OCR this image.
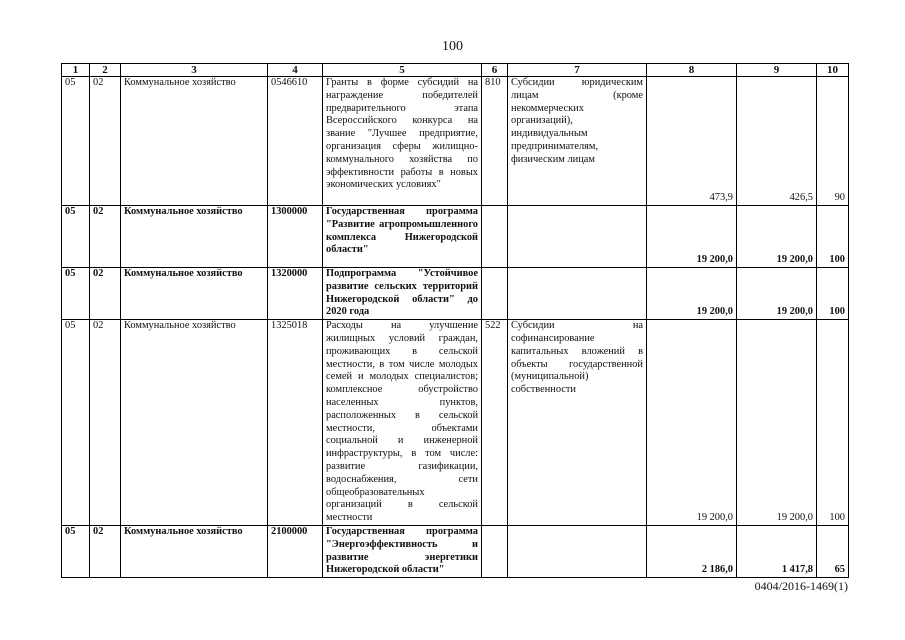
100
1	2	3	4	5	6	7	8	9	10
05	02	Коммунальное хозяйство	0546610	Гранты в форме субсидий на награждение победителей предварительного этапа Всероссийского конкурса на звание "Лучшее предприятие, организация сферы жилищно-коммунального хозяйства по эффективности работы в новых экономических условиях"	810	Субсидии юридическим лицам (кроме некоммерческих организаций), индивидуальным предпринимателям, физическим лицам	473,9	426,5	90
05	02	Коммунальное хозяйство	1300000	Государственная программа "Развитие агропромышленного комплекса Нижегородской области"			19 200,0	19 200,0	100
05	02	Коммунальное хозяйство	1320000	Подпрограмма "Устойчивое развитие сельских территорий Нижегородской области" до 2020 года			19 200,0	19 200,0	100
05	02	Коммунальное хозяйство	1325018	Расходы на улучшение жилищных условий граждан, проживающих в сельской местности, в том числе молодых семей и молодых специалистов; комплексное обустройство населенных пунктов, расположенных в сельской местности, объектами социальной и инженерной инфраструктуры, в том числе: развитие газификации, водоснабжения, сети общеобразовательных организаций в сельской местности	522	Субсидии на софинансирование капитальных вложений в объекты государственной (муниципальной) собственности	19 200,0	19 200,0	100
05	02	Коммунальное хозяйство	2100000	Государственная программа "Энергоэффективность и развитие энергетики Нижегородской области"			2 186,0	1 417,8	65
0404/2016-1469(1)
